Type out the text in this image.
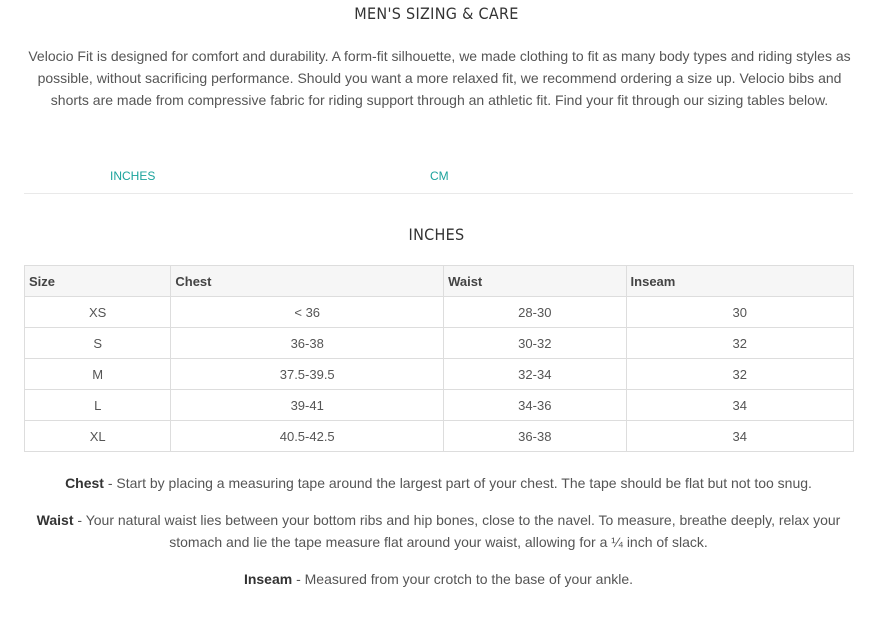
MEN'S SIZING & CARE

Velocio Fit is designed for comfort and durability. A form-fit silhouette, we made clothing to fit as many body types and riding styles as possible, without sacrificing performance. Should you want a more relaxed fit, we recommend ordering a size up. Velocio bibs and shorts are made from compressive fabric for riding support through an athletic fit. Find your fit through our sizing tables below.

INCHES	CM
INCHES
Size	Chest	Waist	Inseam
XS	< 36	28-30	30
S	36-38	30-32	32
M	37.5-39.5	32-34	32
L	39-41	34-36	34
XL	40.5-42.5	36-38	34

Chest - Start by placing a measuring tape around the largest part of your chest. The tape should be flat but not too snug.

Waist - Your natural waist lies between your bottom ribs and hip bones, close to the navel. To measure, breathe deeply, relax your stomach and lie the tape measure flat around your waist, allowing for a ¼ inch of slack.

Inseam - Measured from your crotch to the base of your ankle.
